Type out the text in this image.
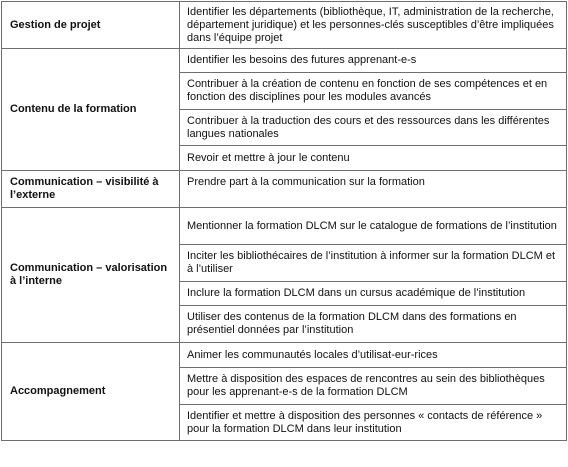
Gestion de projet	Identifier les départements (bibliothèque, IT, administration de la recherche, département juridique) et les personnes-clés susceptibles d’être impliquées dans l’équipe projet
Contenu de la formation	Identifier les besoins des futures apprenant-e-s
	Contribuer à la création de contenu en fonction de ses compétences et en fonction des disciplines pour les modules avancés
	Contribuer à la traduction des cours et des ressources dans les différentes langues nationales
	Revoir et mettre à jour le contenu
Communication – visibilité à l’externe	Prendre part à la communication sur la formation
Communication – valorisation à l’interne	Mentionner la formation DLCM sur le catalogue de formations de l’institution
	Inciter les bibliothécaires de l’institution à informer sur la formation DLCM et à l’utiliser
	Inclure la formation DLCM dans un cursus académique de l’institution
	Utiliser des contenus de la formation DLCM dans des formations en présentiel données par l’institution
Accompagnement	Animer les communautés locales d’utilisat-eur-rices
	Mettre à disposition des espaces de rencontres au sein des bibliothèques pour les apprenant-e-s de la formation DLCM
	Identifier et mettre à disposition des personnes « contacts de référence » pour la formation DLCM dans leur institution
